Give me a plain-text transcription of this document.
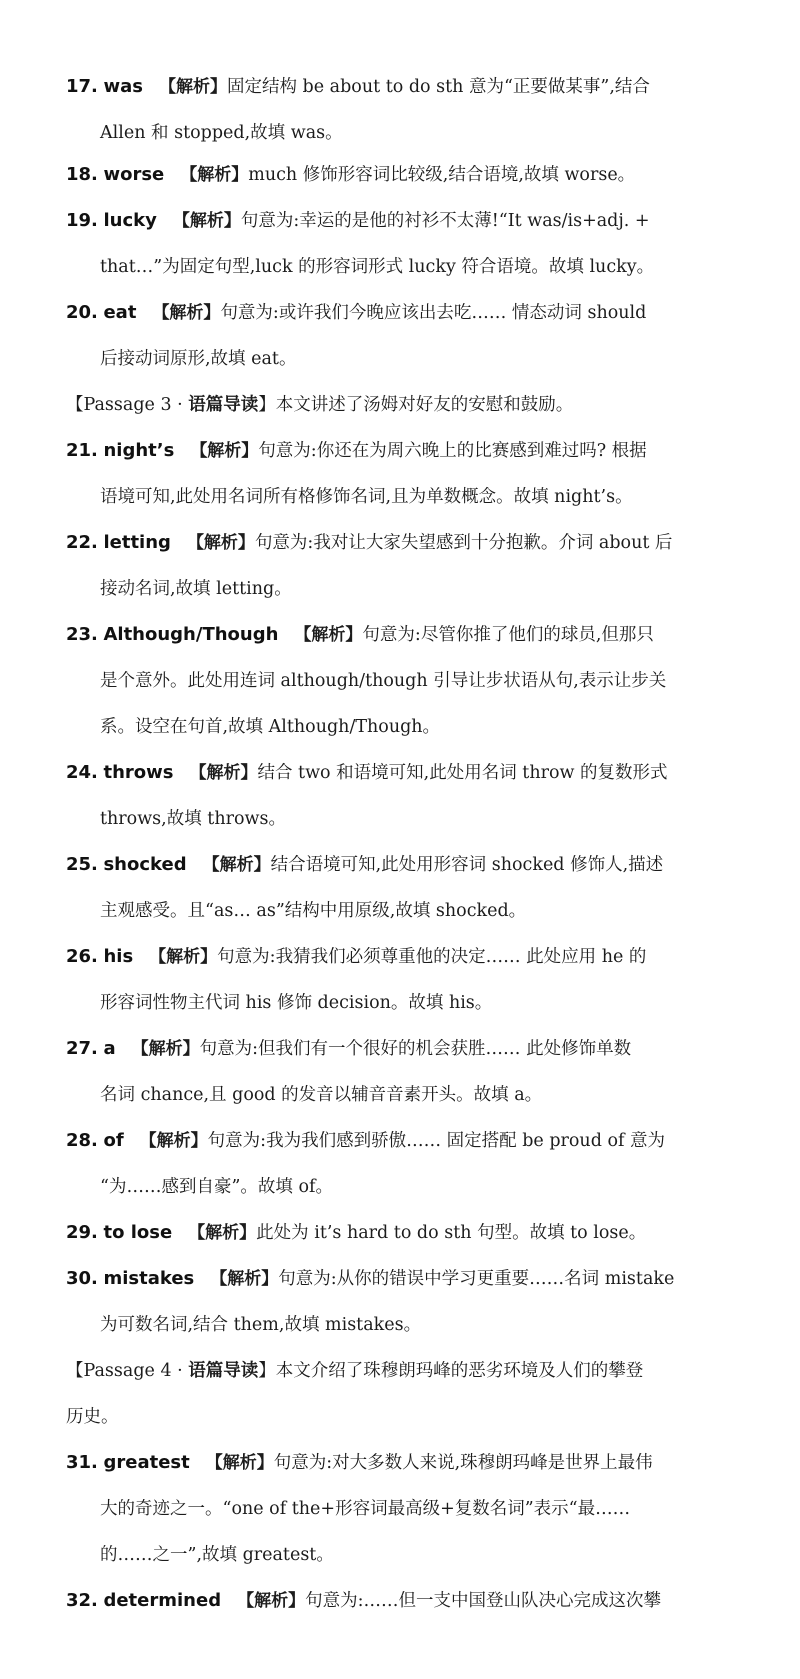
17. was 【解析】固定结构 be about to do sth 意为“正要做某事”,结合
Allen 和 stopped,故填 was。
18. worse 【解析】much 修饰形容词比较级,结合语境,故填 worse。
19. lucky 【解析】句意为:幸运的是他的衬衫不太薄!“It was/is+adj. +
that…”为固定句型,luck 的形容词形式 lucky 符合语境。故填 lucky。
20. eat 【解析】句意为:或许我们今晚应该出去吃…… 情态动词 should
后接动词原形,故填 eat。
【Passage 3 · 语篇导读】本文讲述了汤姆对好友的安慰和鼓励。
21. night’s 【解析】句意为:你还在为周六晚上的比赛感到难过吗? 根据
语境可知,此处用名词所有格修饰名词,且为单数概念。故填 night’s。
22. letting 【解析】句意为:我对让大家失望感到十分抱歉。介词 about 后
接动名词,故填 letting。
23. Although/Though 【解析】句意为:尽管你推了他们的球员,但那只
是个意外。此处用连词 although/though 引导让步状语从句,表示让步关
系。设空在句首,故填 Although/Though。
24. throws 【解析】结合 two 和语境可知,此处用名词 throw 的复数形式
throws,故填 throws。
25. shocked 【解析】结合语境可知,此处用形容词 shocked 修饰人,描述
主观感受。且“as… as”结构中用原级,故填 shocked。
26. his 【解析】句意为:我猜我们必须尊重他的决定…… 此处应用 he 的
形容词性物主代词 his 修饰 decision。故填 his。
27. a 【解析】句意为:但我们有一个很好的机会获胜…… 此处修饰单数
名词 chance,且 good 的发音以辅音音素开头。故填 a。
28. of 【解析】句意为:我为我们感到骄傲…… 固定搭配 be proud of 意为
“为……感到自豪”。故填 of。
29. to lose 【解析】此处为 it’s hard to do sth 句型。故填 to lose。
30. mistakes 【解析】句意为:从你的错误中学习更重要……名词 mistake
为可数名词,结合 them,故填 mistakes。
【Passage 4 · 语篇导读】本文介绍了珠穆朗玛峰的恶劣环境及人们的攀登
历史。
31. greatest 【解析】句意为:对大多数人来说,珠穆朗玛峰是世界上最伟
大的奇迹之一。“one of the+形容词最高级+复数名词”表示“最……
的……之一”,故填 greatest。
32. determined 【解析】句意为:……但一支中国登山队决心完成这次攀
